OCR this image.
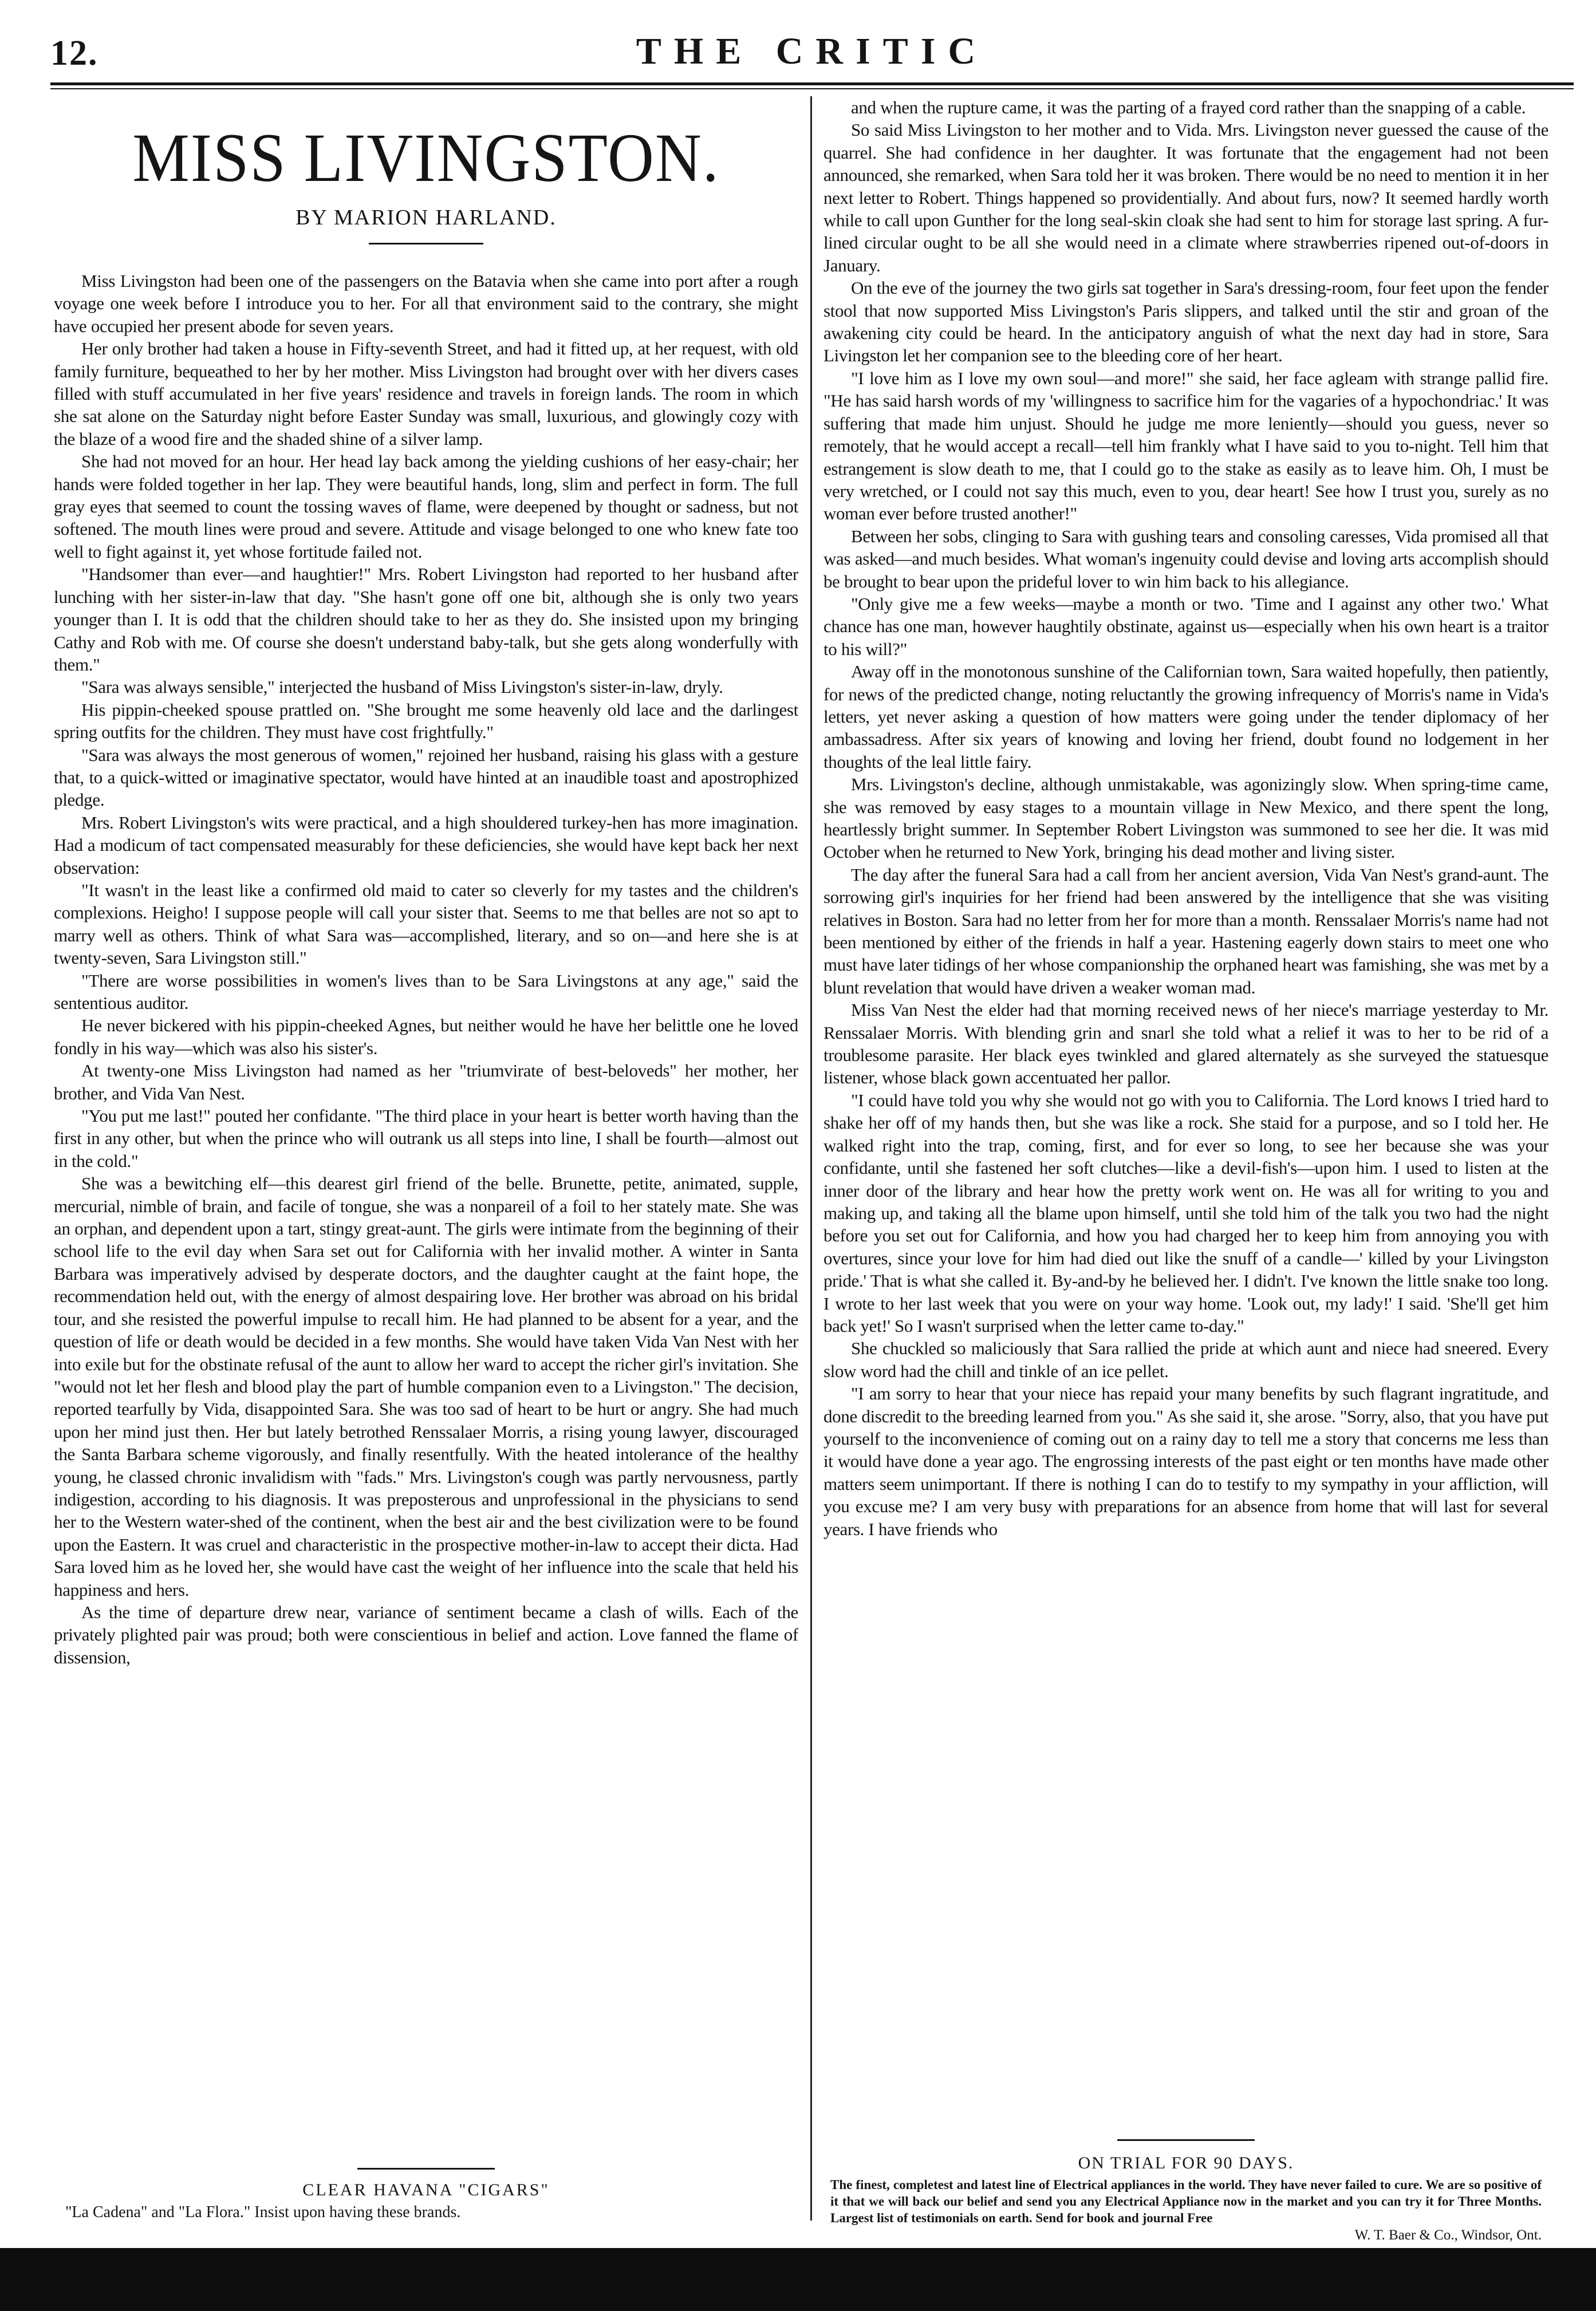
12.	THE CRITIC
MISS LIVINGSTON.
BY MARION HARLAND.

Miss Livingston had been one of the passengers on the Batavia when she came into port after a rough voyage one week before I introduce you to her. For all that environment said to the contrary, she might have occupied her present abode for seven years.

Her only brother had taken a house in Fifty-seventh Street, and had it fitted up, at her request, with old family furniture, bequeathed to her by her mother. Miss Livingston had brought over with her divers cases filled with stuff accumulated in her five years' residence and travels in foreign lands. The room in which she sat alone on the Saturday night before Easter Sunday was small, luxurious, and glowingly cozy with the blaze of a wood fire and the shaded shine of a silver lamp.

She had not moved for an hour. Her head lay back among the yielding cushions of her easy-chair; her hands were folded together in her lap. They were beautiful hands, long, slim and perfect in form. The full gray eyes that seemed to count the tossing waves of flame, were deepened by thought or sadness, but not softened. The mouth lines were proud and severe. Attitude and visage belonged to one who knew fate too well to fight against it, yet whose fortitude failed not.

"Handsomer than ever—and haughtier!" Mrs. Robert Livingston had reported to her husband after lunching with her sister-in-law that day. "She hasn't gone off one bit, although she is only two years younger than I. It is odd that the children should take to her as they do. She insisted upon my bringing Cathy and Rob with me. Of course she doesn't understand baby-talk, but she gets along wonderfully with them."

"Sara was always sensible," interjected the husband of Miss Livingston's sister-in-law, dryly.

His pippin-cheeked spouse prattled on. "She brought me some heavenly old lace and the darlingest spring outfits for the children. They must have cost frightfully."

"Sara was always the most generous of women," rejoined her husband, raising his glass with a gesture that, to a quick-witted or imaginative spectator, would have hinted at an inaudible toast and apostrophized pledge.

Mrs. Robert Livingston's wits were practical, and a high shouldered turkey-hen has more imagination. Had a modicum of tact compensated measurably for these deficiencies, she would have kept back her next observation:

"It wasn't in the least like a confirmed old maid to cater so cleverly for my tastes and the children's complexions. Heigho! I suppose people will call your sister that. Seems to me that belles are not so apt to marry well as others. Think of what Sara was—accomplished, literary, and so on—and here she is at twenty-seven, Sara Livingston still."

"There are worse possibilities in women's lives than to be Sara Livingstons at any age," said the sententious auditor.

He never bickered with his pippin-cheeked Agnes, but neither would he have her belittle one he loved fondly in his way—which was also his sister's.

At twenty-one Miss Livingston had named as her "triumvirate of best-beloveds" her mother, her brother, and Vida Van Nest.

"You put me last!" pouted her confidante. "The third place in your heart is better worth having than the first in any other, but when the prince who will outrank us all steps into line, I shall be fourth—almost out in the cold."

She was a bewitching elf—this dearest girl friend of the belle. Brunette, petite, animated, supple, mercurial, nimble of brain, and facile of tongue, she was a nonpareil of a foil to her stately mate. She was an orphan, and dependent upon a tart, stingy great-aunt. The girls were intimate from the beginning of their school life to the evil day when Sara set out for California with her invalid mother. A winter in Santa Barbara was imperatively advised by desperate doctors, and the daughter caught at the faint hope, the recommendation held out, with the energy of almost despairing love. Her brother was abroad on his bridal tour, and she resisted the powerful impulse to recall him. He had planned to be absent for a year, and the question of life or death would be decided in a few months. She would have taken Vida Van Nest with her into exile but for the obstinate refusal of the aunt to allow her ward to accept the richer girl's invitation. She "would not let her flesh and blood play the part of humble companion even to a Livingston." The decision, reported tearfully by Vida, disappointed Sara. She was too sad of heart to be hurt or angry. She had much upon her mind just then. Her but lately betrothed Renssalaer Morris, a rising young lawyer, discouraged the Santa Barbara scheme vigorously, and finally resentfully. With the heated intolerance of the healthy young, he classed chronic invalidism with "fads." Mrs. Livingston's cough was partly nervousness, partly indigestion, according to his diagnosis. It was preposterous and unprofessional in the physicians to send her to the Western water-shed of the continent, when the best air and the best civilization were to be found upon the Eastern. It was cruel and characteristic in the prospective mother-in-law to accept their dicta. Had Sara loved him as he loved her, she would have cast the weight of her influence into the scale that held his happiness and hers.

As the time of departure drew near, variance of sentiment became a clash of wills. Each of the privately plighted pair was proud; both were conscientious in belief and action. Love fanned the flame of dissension,

and when the rupture came, it was the parting of a frayed cord rather than the snapping of a cable.

So said Miss Livingston to her mother and to Vida. Mrs. Livingston never guessed the cause of the quarrel. She had confidence in her daughter. It was fortunate that the engagement had not been announced, she remarked, when Sara told her it was broken. There would be no need to mention it in her next letter to Robert. Things happened so providentially. And about furs, now? It seemed hardly worth while to call upon Gunther for the long seal-skin cloak she had sent to him for storage last spring. A fur-lined circular ought to be all she would need in a climate where strawberries ripened out-of-doors in January.

On the eve of the journey the two girls sat together in Sara's dressing-room, four feet upon the fender stool that now supported Miss Livingston's Paris slippers, and talked until the stir and groan of the awakening city could be heard. In the anticipatory anguish of what the next day had in store, Sara Livingston let her companion see to the bleeding core of her heart.

"I love him as I love my own soul—and more!" she said, her face agleam with strange pallid fire. "He has said harsh words of my 'willingness to sacrifice him for the vagaries of a hypochondriac.' It was suffering that made him unjust. Should he judge me more leniently—should you guess, never so remotely, that he would accept a recall—tell him frankly what I have said to you to-night. Tell him that estrangement is slow death to me, that I could go to the stake as easily as to leave him. Oh, I must be very wretched, or I could not say this much, even to you, dear heart! See how I trust you, surely as no woman ever before trusted another!"

Between her sobs, clinging to Sara with gushing tears and consoling caresses, Vida promised all that was asked—and much besides. What woman's ingenuity could devise and loving arts accomplish should be brought to bear upon the prideful lover to win him back to his allegiance.

"Only give me a few weeks—maybe a month or two. 'Time and I against any other two.' What chance has one man, however haughtily obstinate, against us—especially when his own heart is a traitor to his will?"

Away off in the monotonous sunshine of the Californian town, Sara waited hopefully, then patiently, for news of the predicted change, noting reluctantly the growing infrequency of Morris's name in Vida's letters, yet never asking a question of how matters were going under the tender diplomacy of her ambassadress. After six years of knowing and loving her friend, doubt found no lodgement in her thoughts of the leal little fairy.

Mrs. Livingston's decline, although unmistakable, was agonizingly slow. When spring-time came, she was removed by easy stages to a mountain village in New Mexico, and there spent the long, heartlessly bright summer. In September Robert Livingston was summoned to see her die. It was mid October when he returned to New York, bringing his dead mother and living sister.

The day after the funeral Sara had a call from her ancient aversion, Vida Van Nest's grand-aunt. The sorrowing girl's inquiries for her friend had been answered by the intelligence that she was visiting relatives in Boston. Sara had no letter from her for more than a month. Renssalaer Morris's name had not been mentioned by either of the friends in half a year. Hastening eagerly down stairs to meet one who must have later tidings of her whose companionship the orphaned heart was famishing, she was met by a blunt revelation that would have driven a weaker woman mad.

Miss Van Nest the elder had that morning received news of her niece's marriage yesterday to Mr. Renssalaer Morris. With blending grin and snarl she told what a relief it was to her to be rid of a troublesome parasite. Her black eyes twinkled and glared alternately as she surveyed the statuesque listener, whose black gown accentuated her pallor.

"I could have told you why she would not go with you to California. The Lord knows I tried hard to shake her off of my hands then, but she was like a rock. She staid for a purpose, and so I told her. He walked right into the trap, coming, first, and for ever so long, to see her because she was your confidante, until she fastened her soft clutches—like a devil-fish's—upon him. I used to listen at the inner door of the library and hear how the pretty work went on. He was all for writing to you and making up, and taking all the blame upon himself, until she told him of the talk you two had the night before you set out for California, and how you had charged her to keep him from annoying you with overtures, since your love for him had died out like the snuff of a candle—' killed by your Livingston pride.' That is what she called it. By-and-by he believed her. I didn't. I've known the little snake too long. I wrote to her last week that you were on your way home. 'Look out, my lady!' I said. 'She'll get him back yet!' So I wasn't surprised when the letter came to-day."

She chuckled so maliciously that Sara rallied the pride at which aunt and niece had sneered. Every slow word had the chill and tinkle of an ice pellet.

"I am sorry to hear that your niece has repaid your many benefits by such flagrant ingratitude, and done discredit to the breeding learned from you." As she said it, she arose. "Sorry, also, that you have put yourself to the inconvenience of coming out on a rainy day to tell me a story that concerns me less than it would have done a year ago. The engrossing interests of the past eight or ten months have made other matters seem unimportant. If there is nothing I can do to testify to my sympathy in your affliction, will you excuse me? I am very busy with preparations for an absence from home that will last for several years. I have friends who

CLEAR HAVANA "CIGARS"
"La Cadena" and "La Flora." Insist upon having these brands.
ON TRIAL FOR 90 DAYS.
The finest, completest and latest line of Electrical appliances in the world. They have never failed to cure. We are so positive of it that we will back our belief and send you any Electrical Appliance now in the market and you can try it for Three Months. Largest list of testimonials on earth. Send for book and journal Free
W. T. Baer & Co., Windsor, Ont.
